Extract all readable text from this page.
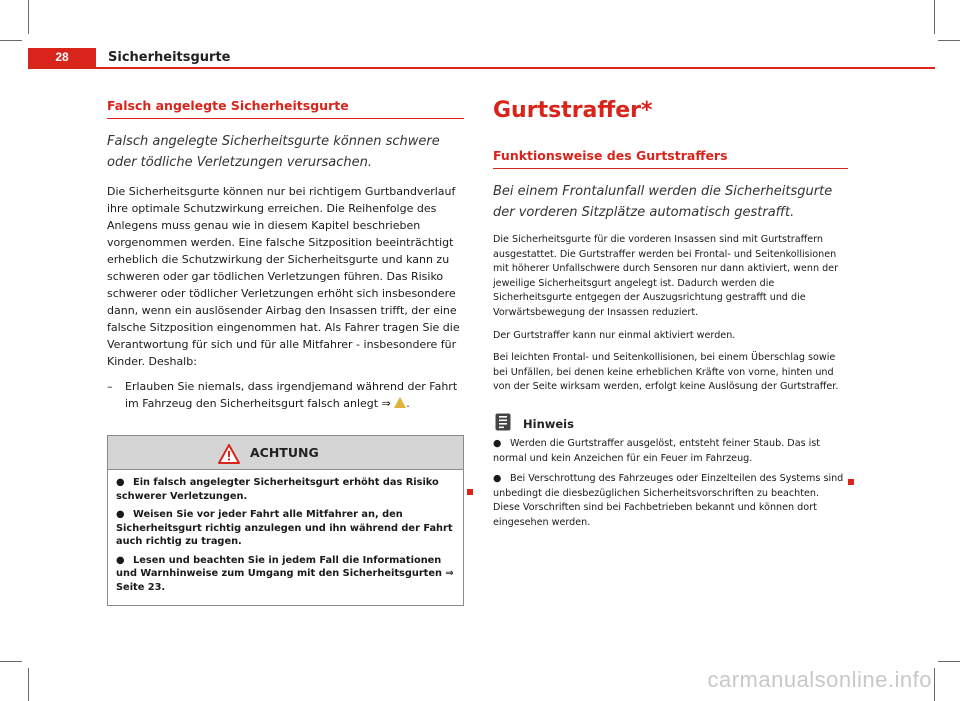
28	Sicherheitsgurte
Falsch angelegte Sicherheitsgurte

Falsch angelegte Sicherheitsgurte können schwere oder tödliche Verletzungen verursachen.

Die Sicherheitsgurte können nur bei richtigem Gurtbandverlauf ihre optimale Schutzwirkung erreichen. Die Reihenfolge des Anlegens muss genau wie in diesem Kapitel beschrieben vorgenommen werden. Eine falsche Sitzposition beeinträchtigt erheblich die Schutzwirkung der Sicherheitsgurte und kann zu schweren oder gar tödlichen Verletzungen führen. Das Risiko schwerer oder tödlicher Verletzungen erhöht sich insbesondere dann, wenn ein auslösender Airbag den Insassen trifft, der eine falsche Sitzposition eingenommen hat. Als Fahrer tragen Sie die Verantwortung für sich und für alle Mitfahrer - insbesondere für Kinder. Deshalb:

– Erlauben Sie niemals, dass irgendjemand während der Fahrt im Fahrzeug den Sicherheitsgurt falsch anlegt ⇒ .

ACHTUNG

● Ein falsch angelegter Sicherheitsgurt erhöht das Risiko schwerer Verletzungen.

● Weisen Sie vor jeder Fahrt alle Mitfahrer an, den Sicherheitsgurt richtig anzulegen und ihn während der Fahrt auch richtig zu tragen.

● Lesen und beachten Sie in jedem Fall die Informationen und Warnhinweise zum Umgang mit den Sicherheitsgurten ⇒ Seite 23.

Gurtstraffer*
Funktionsweise des Gurtstraffers

Bei einem Frontalunfall werden die Sicherheitsgurte der vorderen Sitzplätze automatisch gestrafft.

Die Sicherheitsgurte für die vorderen Insassen sind mit Gurtstraffern ausgestattet. Die Gurtstraffer werden bei Frontal- und Seitenkollisionen mit höherer Unfallschwere durch Sensoren nur dann aktiviert, wenn der jeweilige Sicherheitsgurt angelegt ist. Dadurch werden die Sicherheitsgurte entgegen der Auszugsrichtung gestrafft und die Vorwärtsbewegung der Insassen reduziert.

Der Gurtstraffer kann nur einmal aktiviert werden.

Bei leichten Frontal- und Seitenkollisionen, bei einem Überschlag sowie bei Unfällen, bei denen keine erheblichen Kräfte von vorne, hinten und von der Seite wirksam werden, erfolgt keine Auslösung der Gurtstraffer.

Hinweis

● Werden die Gurtstraffer ausgelöst, entsteht feiner Staub. Das ist normal und kein Anzeichen für ein Feuer im Fahrzeug.

● Bei Verschrottung des Fahrzeuges oder Einzelteilen des Systems sind unbedingt die diesbezüglichen Sicherheitsvorschriften zu beachten. Diese Vorschriften sind bei Fachbetrieben bekannt und können dort eingesehen werden.

carmanualsonline.info
